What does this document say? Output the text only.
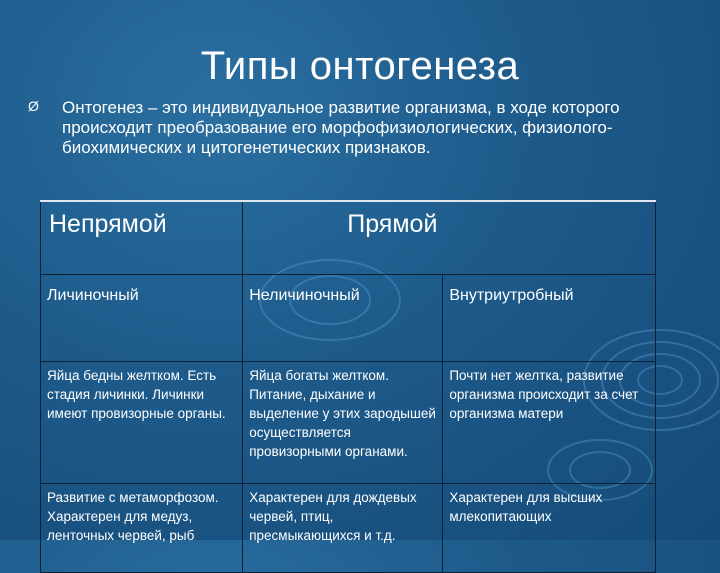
Типы онтогенеза
Ø Онтогенез – это индивидуальное развитие организма, в ходе которого происходит преобразование его морфофизиологических, физиолого-биохимических и цитогенетических признаков.
Непрямой	Прямой	
Личиночный	Неличиночный	Внутриутробный
Яйца бедны желтком. Есть стадия личинки. Личинки имеют провизорные органы.	Яйца богаты желтком. Питание, дыхание и выделение у этих зародышей осуществляется провизорными органами.	Почти нет желтка, развитие организма происходит за счет организма матери
Развитие с метаморфозом. Характерен для медуз, ленточных червей, рыб	Характерен для дождевых червей, птиц, пресмыкающихся и т.д.	Характерен для высших млекопитающих
